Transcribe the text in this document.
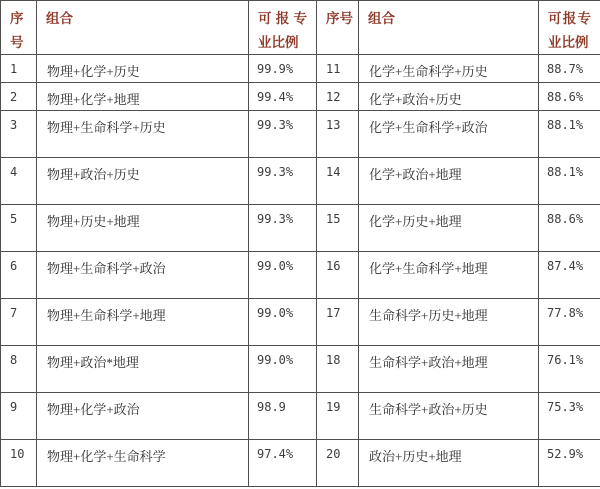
序号	组合	可报专业比例	序号	组合	可报专业比例
1	物理+化学+历史	99.9%	11	化学+生命科学+历史	88.7%
2	物理+化学+地理	99.4%	12	化学+政治+历史	88.6%
3	物理+生命科学+历史	99.3%	13	化学+生命科学+政治	88.1%
4	物理+政治+历史	99.3%	14	化学+政治+地理	88.1%
5	物理+历史+地理	99.3%	15	化学+历史+地理	88.6%
6	物理+生命科学+政治	99.0%	16	化学+生命科学+地理	87.4%
7	物理+生命科学+地理	99.0%	17	生命科学+历史+地理	77.8%
8	物理+政治*地理	99.0%	18	生命科学+政治+地理	76.1%
9	物理+化学+政治	98.9	19	生命科学+政治+历史	75.3%
10	物理+化学+生命科学	97.4%	20	政治+历史+地理	52.9%
